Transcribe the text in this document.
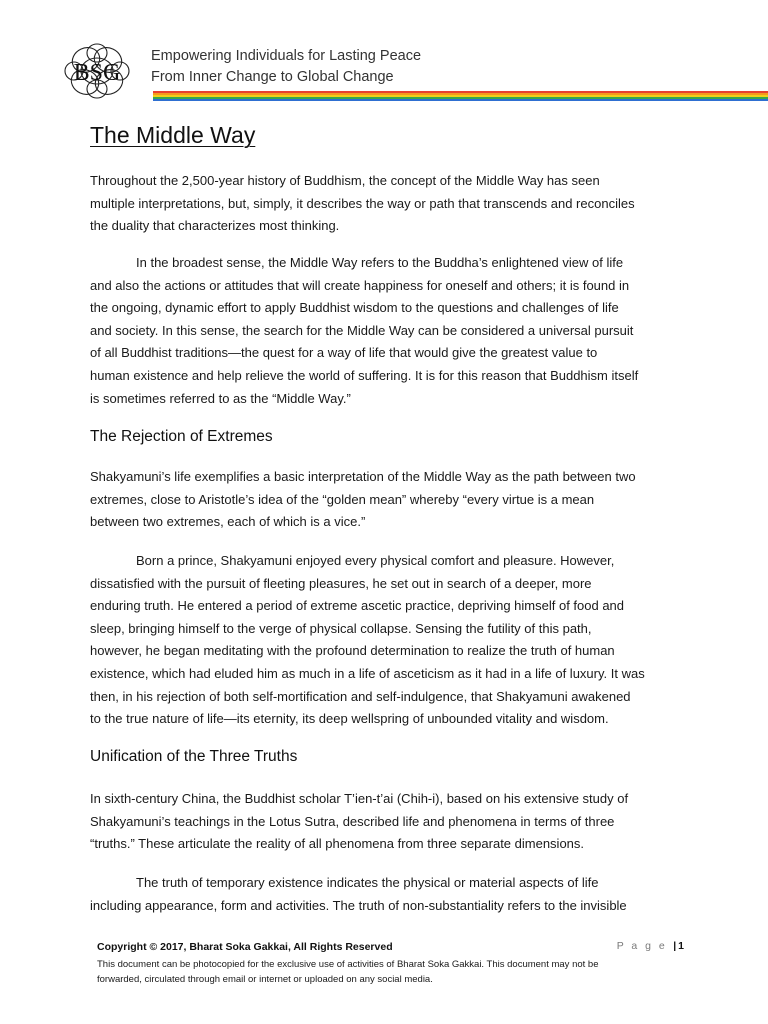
BSG
Empowering Individuals for Lasting Peace
From Inner Change to Global Change
The Middle Way

Throughout the 2,500-year history of Buddhism, the concept of the Middle Way has seen
multiple interpretations, but, simply, it describes the way or path that transcends and reconciles
the duality that characterizes most thinking.

In the broadest sense, the Middle Way refers to the Buddha’s enlightened view of life
and also the actions or attitudes that will create happiness for oneself and others; it is found in
the ongoing, dynamic effort to apply Buddhist wisdom to the questions and challenges of life
and society. In this sense, the search for the Middle Way can be considered a universal pursuit
of all Buddhist traditions—the quest for a way of life that would give the greatest value to
human existence and help relieve the world of suffering. It is for this reason that Buddhism itself
is sometimes referred to as the “Middle Way.”

The Rejection of Extremes

Shakyamuni’s life exemplifies a basic interpretation of the Middle Way as the path between two
extremes, close to Aristotle’s idea of the “golden mean” whereby “every virtue is a mean
between two extremes, each of which is a vice.”

Born a prince, Shakyamuni enjoyed every physical comfort and pleasure. However,
dissatisfied with the pursuit of fleeting pleasures, he set out in search of a deeper, more
enduring truth. He entered a period of extreme ascetic practice, depriving himself of food and
sleep, bringing himself to the verge of physical collapse. Sensing the futility of this path,
however, he began meditating with the profound determination to realize the truth of human
existence, which had eluded him as much in a life of asceticism as it had in a life of luxury. It was
then, in his rejection of both self-mortification and self-indulgence, that Shakyamuni awakened
to the true nature of life—its eternity, its deep wellspring of unbounded vitality and wisdom.

Unification of the Three Truths

In sixth-century China, the Buddhist scholar T’ien-t’ai (Chih-i), based on his extensive study of
Shakyamuni’s teachings in the Lotus Sutra, described life and phenomena in terms of three
“truths.” These articulate the reality of all phenomena from three separate dimensions.

The truth of temporary existence indicates the physical or material aspects of life
including appearance, form and activities. The truth of non-substantiality refers to the invisible

Copyright © 2017, Bharat Soka Gakkai, All Rights Reserved	P a g e | 1
This document can be photocopied for the exclusive use of activities of Bharat Soka Gakkai. This document may not be
forwarded, circulated through email or internet or uploaded on any social media.
